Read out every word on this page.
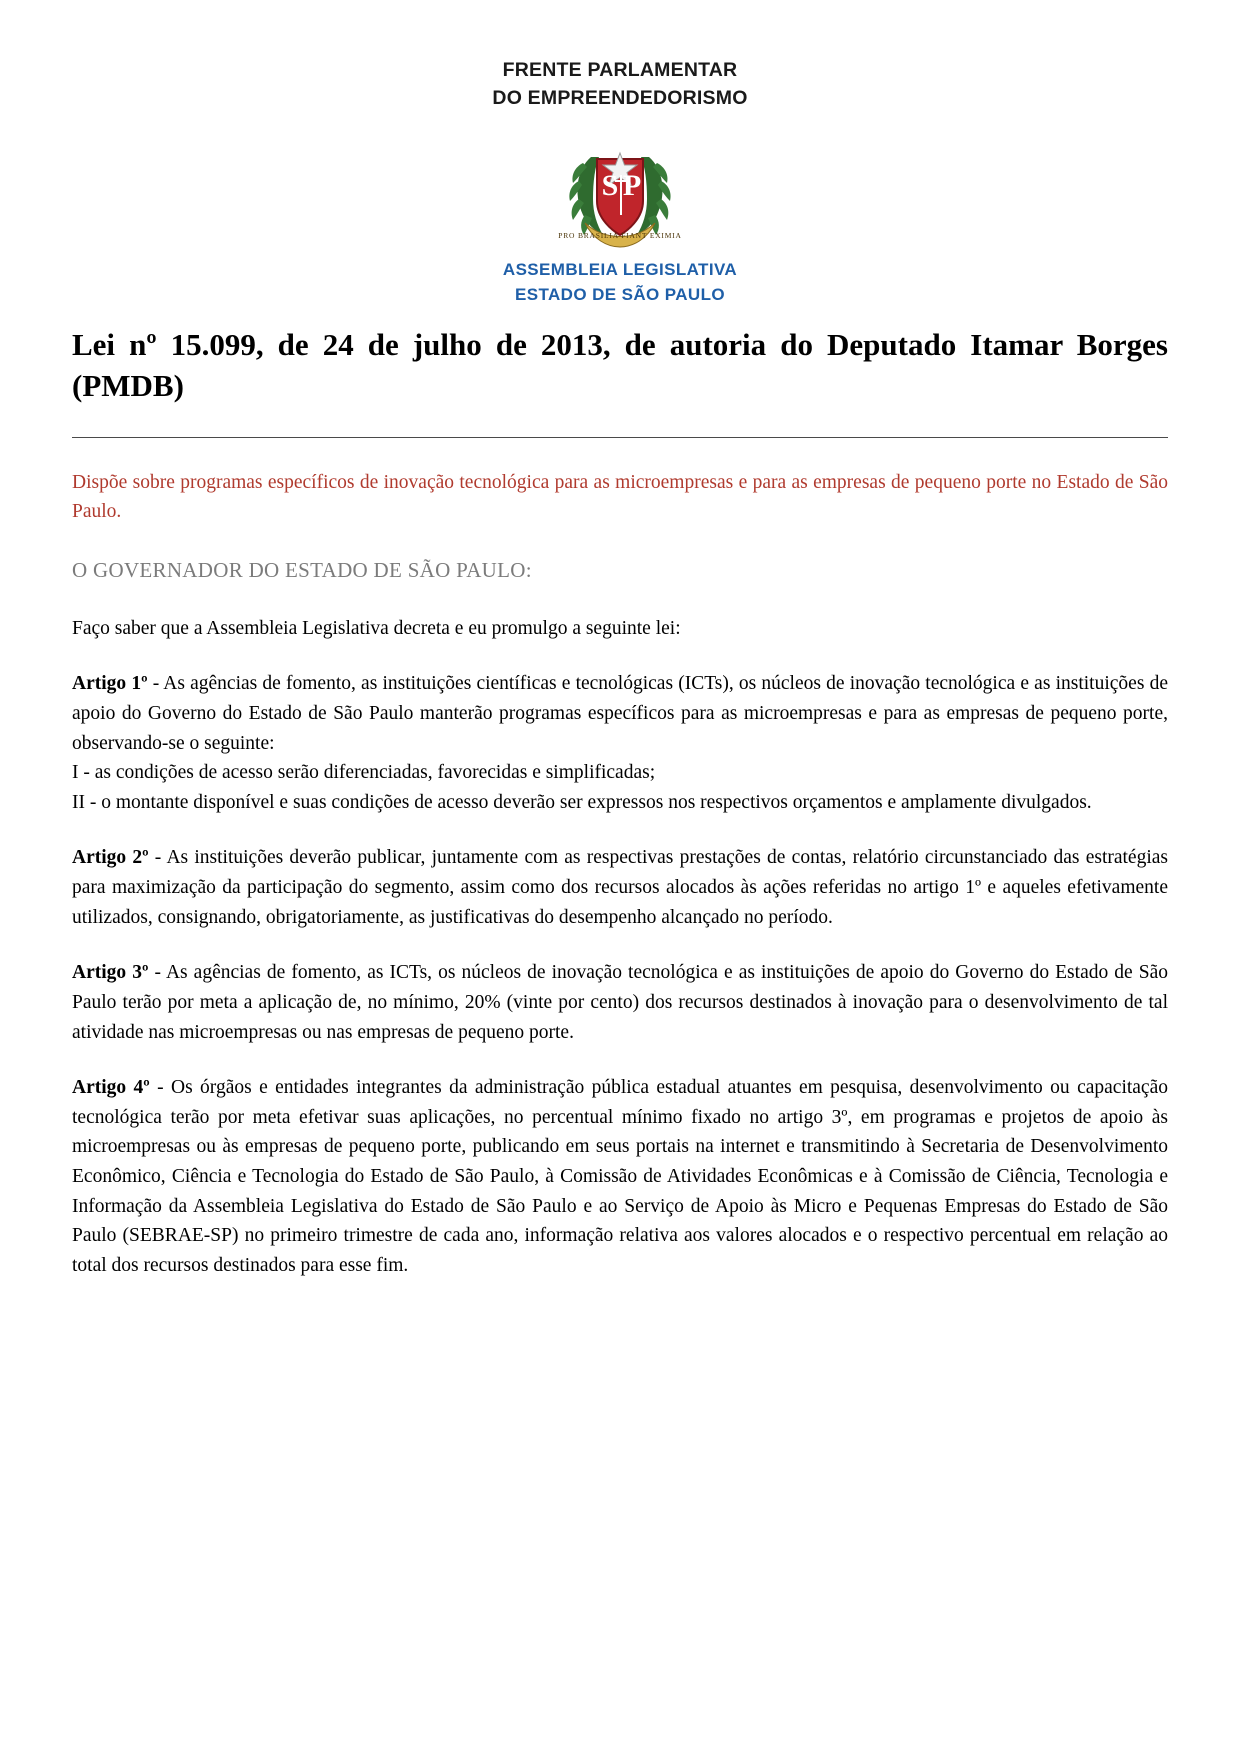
FRENTE PARLAMENTAR
DO EMPREENDEDORISMO
S P
PRO BRASILIA FIANT EXIMIA
ASSEMBLEIA LEGISLATIVA
ESTADO DE SÃO PAULO
Lei nº 15.099, de 24 de julho de 2013, de autoria do Deputado Itamar Borges (PMDB)
Dispõe sobre programas específicos de inovação tecnológica para as microempresas e para as empresas de pequeno porte no Estado de São Paulo.
O GOVERNADOR DO ESTADO DE SÃO PAULO:

Faço saber que a Assembleia Legislativa decreta e eu promulgo a seguinte lei:

Artigo 1º - As agências de fomento, as instituições científicas e tecnológicas (ICTs), os núcleos de inovação tecnológica e as instituições de apoio do Governo do Estado de São Paulo manterão programas específicos para as microempresas e para as empresas de pequeno porte, observando-se o seguinte:

I - as condições de acesso serão diferenciadas, favorecidas e simplificadas;
II - o montante disponível e suas condições de acesso deverão ser expressos nos respectivos orçamentos e amplamente divulgados.

Artigo 2º - As instituições deverão publicar, juntamente com as respectivas prestações de contas, relatório circunstanciado das estratégias para maximização da participação do segmento, assim como dos recursos alocados às ações referidas no artigo 1º e aqueles efetivamente utilizados, consignando, obrigatoriamente, as justificativas do desempenho alcançado no período.

Artigo 3º - As agências de fomento, as ICTs, os núcleos de inovação tecnológica e as instituições de apoio do Governo do Estado de São Paulo terão por meta a aplicação de, no mínimo, 20% (vinte por cento) dos recursos destinados à inovação para o desenvolvimento de tal atividade nas microempresas ou nas empresas de pequeno porte.

Artigo 4º - Os órgãos e entidades integrantes da administração pública estadual atuantes em pesquisa, desenvolvimento ou capacitação tecnológica terão por meta efetivar suas aplicações, no percentual mínimo fixado no artigo 3º, em programas e projetos de apoio às microempresas ou às empresas de pequeno porte, publicando em seus portais na internet e transmitindo à Secretaria de Desenvolvimento Econômico, Ciência e Tecnologia do Estado de São Paulo, à Comissão de Atividades Econômicas e à Comissão de Ciência, Tecnologia e Informação da Assembleia Legislativa do Estado de São Paulo e ao Serviço de Apoio às Micro e Pequenas Empresas do Estado de São Paulo (SEBRAE-SP) no primeiro trimestre de cada ano, informação relativa aos valores alocados e o respectivo percentual em relação ao total dos recursos destinados para esse fim.
